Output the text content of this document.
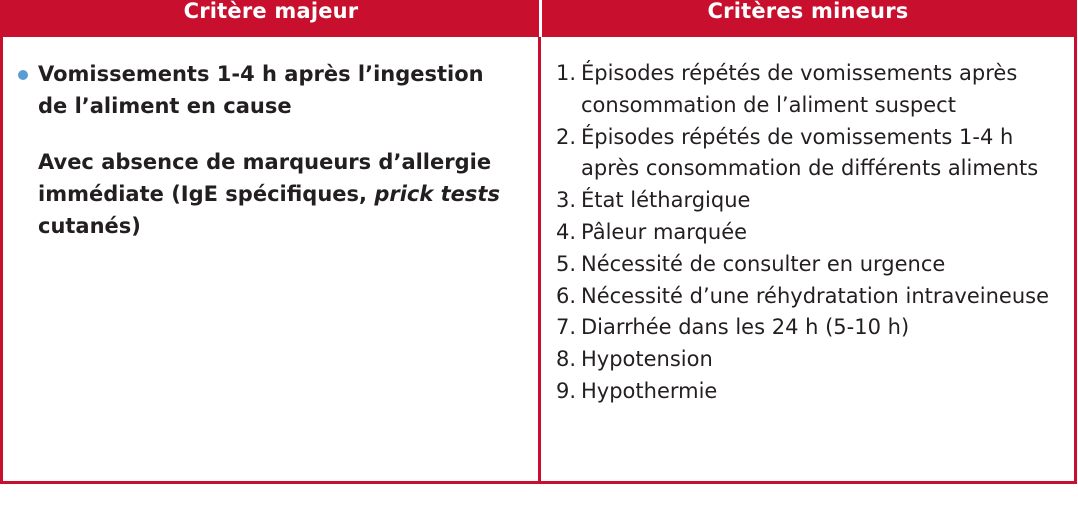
Critère majeur	Critères mineurs
Vomissements 1-4 h après l’ingestion de l’aliment en cause
Avec absence de marqueurs d’allergie immédiate (IgE spécifiques, prick tests cutanés)
1. Épisodes répétés de vomissements après consommation de l’aliment suspect
2. Épisodes répétés de vomissements 1-4 h après consommation de différents aliments
3. État léthargique
4. Pâleur marquée
5. Nécessité de consulter en urgence
6. Nécessité d’une réhydratation intraveineuse
7. Diarrhée dans les 24 h (5-10 h)
8. Hypotension
9. Hypothermie
